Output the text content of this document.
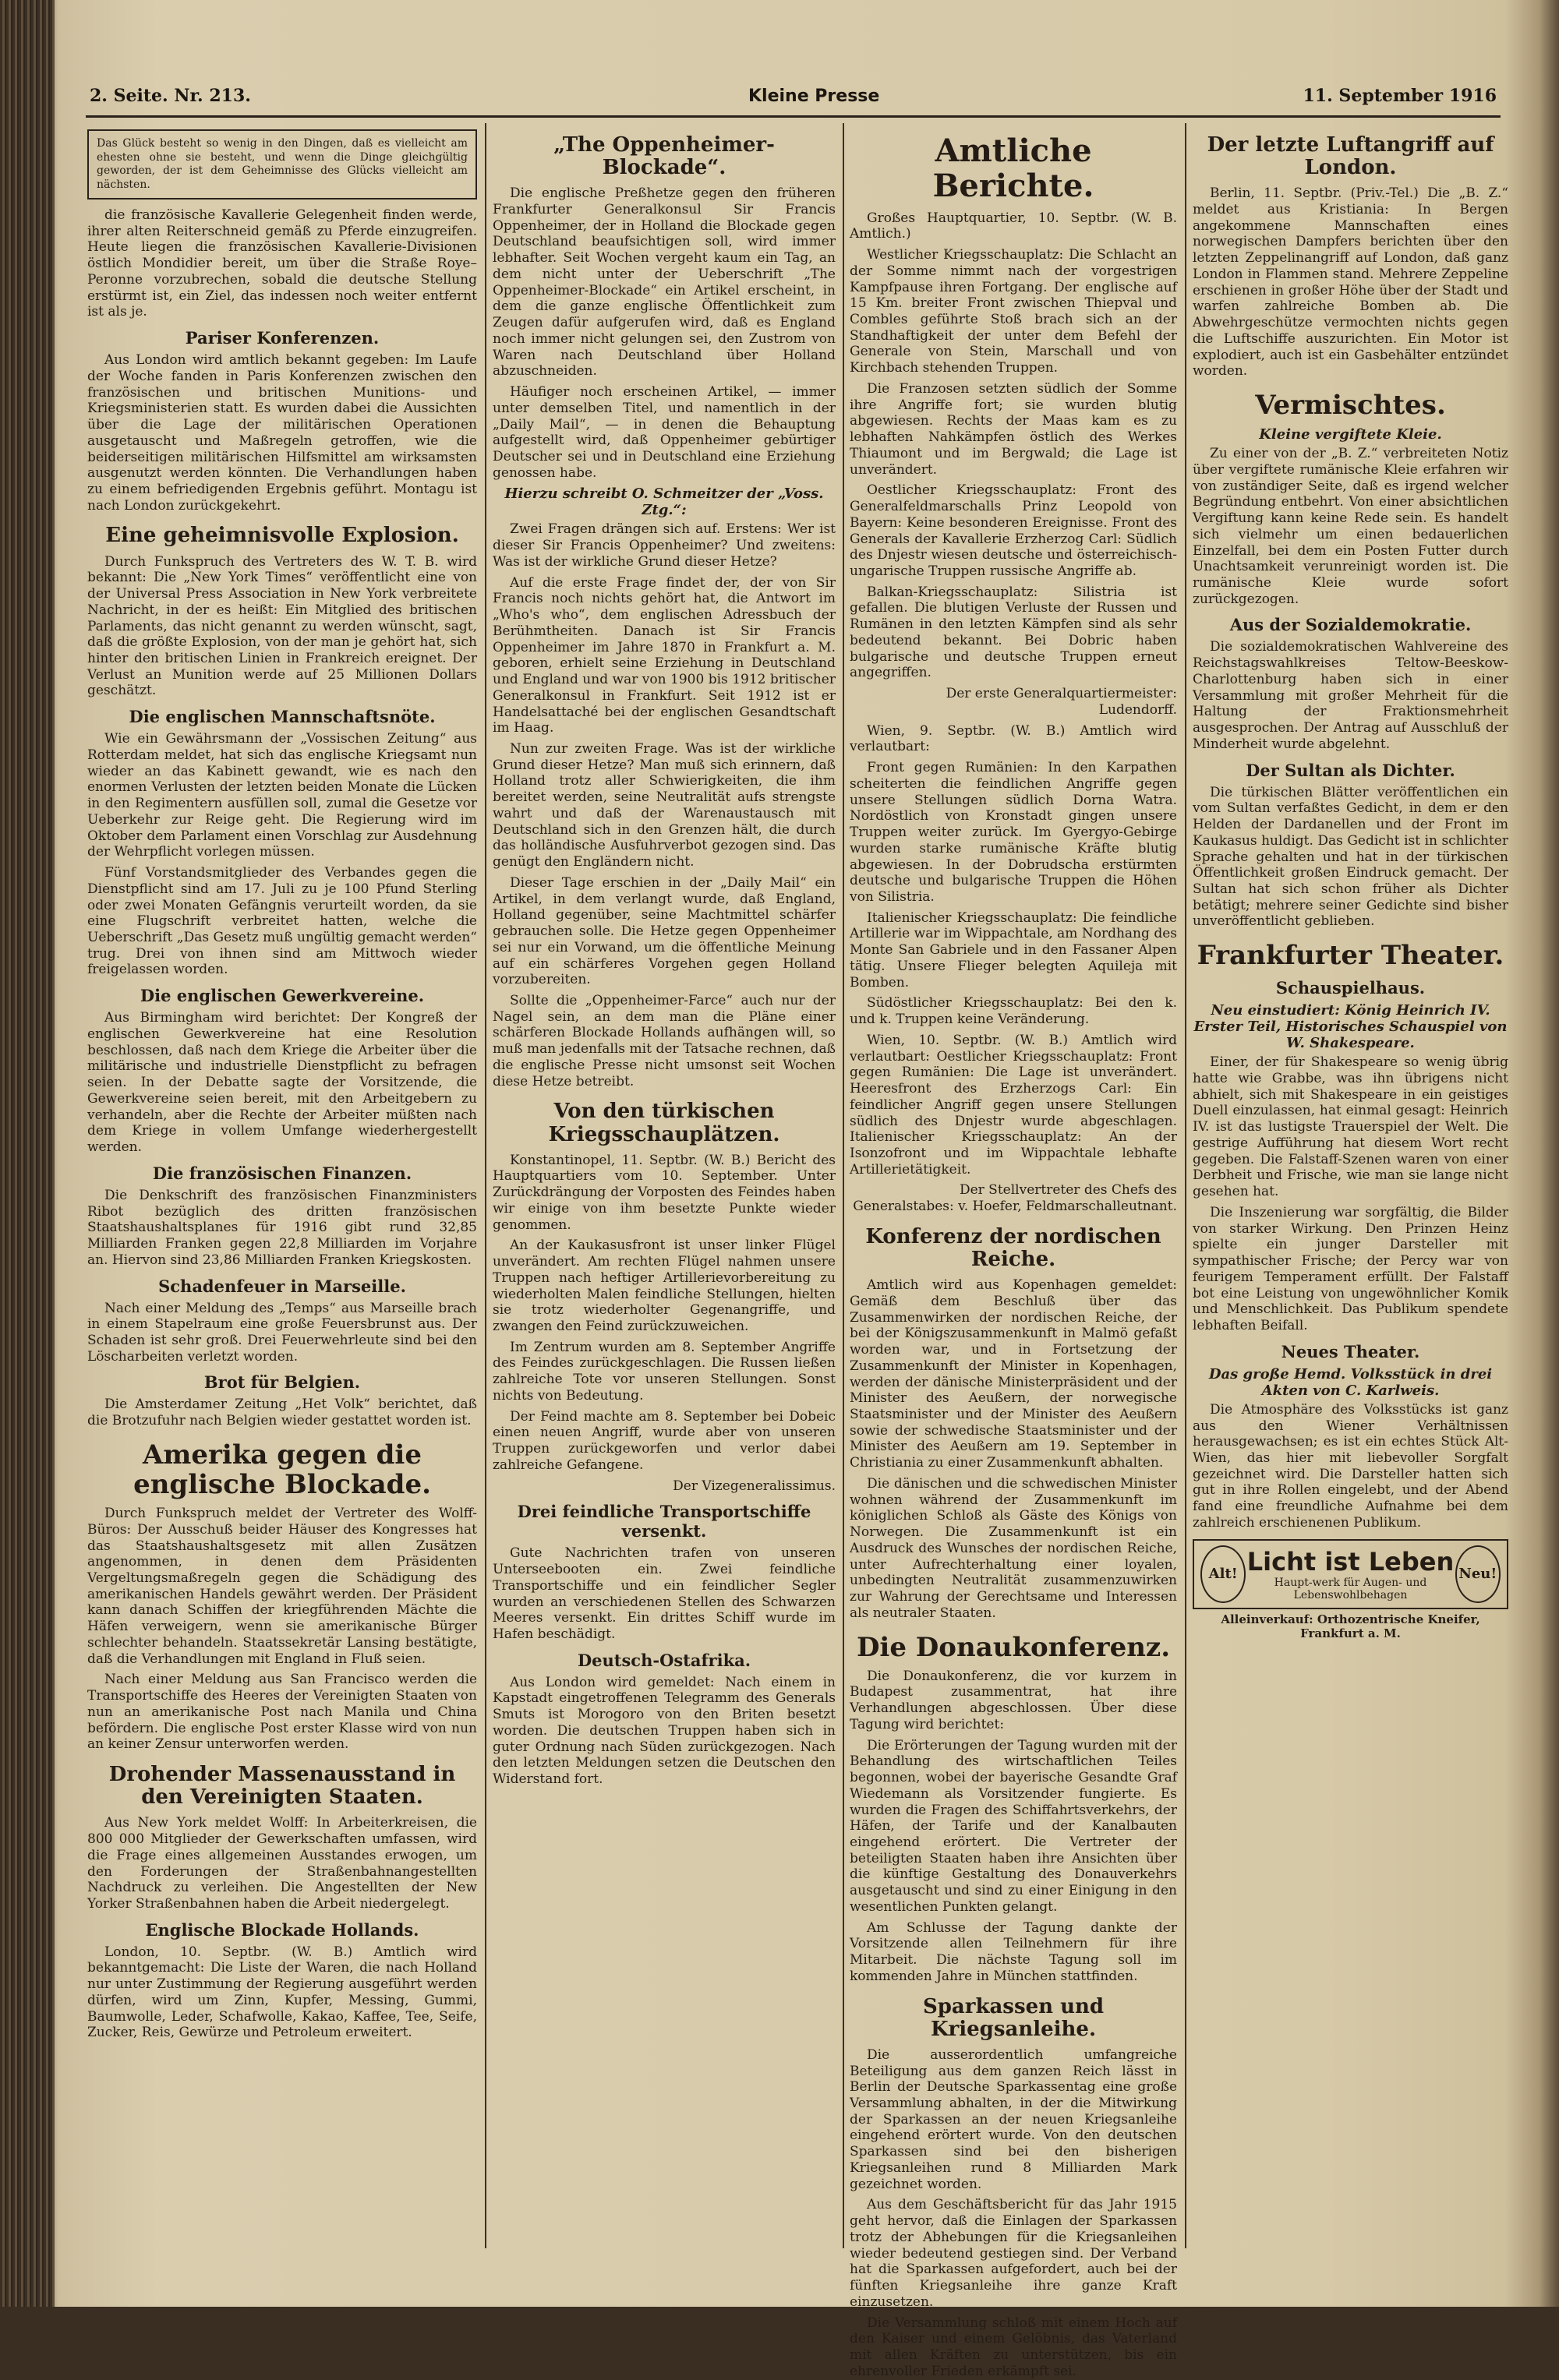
2. Seite. Nr. 213.	Kleine Presse	11. September 1916
Das Glück besteht so wenig in den Dingen, daß es vielleicht am ehesten ohne sie besteht, und wenn die Dinge gleichgültig geworden, der ist dem Geheimnisse des Glücks vielleicht am nächsten.

die französische Kavallerie Gelegenheit finden werde, ihrer alten Reiterschneid gemäß zu Pferde einzugreifen. Heute liegen die französischen Kavallerie-Divisionen östlich Mondidier bereit, um über die Straße Roye–Peronne vorzubrechen, sobald die deutsche Stellung erstürmt ist, ein Ziel, das indessen noch weiter entfernt ist als je.

Pariser Konferenzen.

Aus London wird amtlich bekannt gegeben: Im Laufe der Woche fanden in Paris Konferenzen zwischen den französischen und britischen Munitions- und Kriegsministerien statt. Es wurden dabei die Aussichten über die Lage der militärischen Operationen ausgetauscht und Maßregeln getroffen, wie die beiderseitigen militärischen Hilfsmittel am wirksamsten ausgenutzt werden könnten. Die Verhandlungen haben zu einem befriedigenden Ergebnis geführt. Montagu ist nach London zurückgekehrt.

Eine geheimnisvolle Explosion.

Durch Funkspruch des Vertreters des W. T. B. wird bekannt: Die „New York Times“ veröffentlicht eine von der Universal Press Association in New York verbreitete Nachricht, in der es heißt: Ein Mitglied des britischen Parlaments, das nicht genannt zu werden wünscht, sagt, daß die größte Explosion, von der man je gehört hat, sich hinter den britischen Linien in Frankreich ereignet. Der Verlust an Munition werde auf 25 Millionen Dollars geschätzt.

Die englischen Mannschaftsnöte.

Wie ein Gewährsmann der „Vossischen Zeitung“ aus Rotterdam meldet, hat sich das englische Kriegsamt nun wieder an das Kabinett gewandt, wie es nach den enormen Verlusten der letzten beiden Monate die Lücken in den Regimentern ausfüllen soll, zumal die Gesetze vor Ueberkehr zur Reige geht. Die Regierung wird im Oktober dem Parlament einen Vorschlag zur Ausdehnung der Wehrpflicht vorlegen müssen.

Fünf Vorstandsmitglieder des Verbandes gegen die Dienstpflicht sind am 17. Juli zu je 100 Pfund Sterling oder zwei Monaten Gefängnis verurteilt worden, da sie eine Flugschrift verbreitet hatten, welche die Ueberschrift „Das Gesetz muß ungültig gemacht werden“ trug. Drei von ihnen sind am Mittwoch wieder freigelassen worden.

Die englischen Gewerkvereine.

Aus Birmingham wird berichtet: Der Kongreß der englischen Gewerkvereine hat eine Resolution beschlossen, daß nach dem Kriege die Arbeiter über die militärische und industrielle Dienstpflicht zu befragen seien. In der Debatte sagte der Vorsitzende, die Gewerkvereine seien bereit, mit den Arbeitgebern zu verhandeln, aber die Rechte der Arbeiter müßten nach dem Kriege in vollem Umfange wiederhergestellt werden.

Die französischen Finanzen.

Die Denkschrift des französischen Finanzministers Ribot bezüglich des dritten französischen Staatshaushaltsplanes für 1916 gibt rund 32,85 Milliarden Franken gegen 22,8 Milliarden im Vorjahre an. Hiervon sind 23,86 Milliarden Franken Kriegskosten.

Schadenfeuer in Marseille.

Nach einer Meldung des „Temps“ aus Marseille brach in einem Stapelraum eine große Feuersbrunst aus. Der Schaden ist sehr groß. Drei Feuerwehrleute sind bei den Löscharbeiten verletzt worden.

Brot für Belgien.

Die Amsterdamer Zeitung „Het Volk“ berichtet, daß die Brotzufuhr nach Belgien wieder gestattet worden ist.

Amerika gegen die englische Blockade.

Durch Funkspruch meldet der Vertreter des Wolff-Büros: Der Ausschuß beider Häuser des Kongresses hat das Staatshaushaltsgesetz mit allen Zusätzen angenommen, in denen dem Präsidenten Vergeltungsmaßregeln gegen die Schädigung des amerikanischen Handels gewährt werden. Der Präsident kann danach Schiffen der kriegführenden Mächte die Häfen verweigern, wenn sie amerikanische Bürger schlechter behandeln. Staatssekretär Lansing bestätigte, daß die Verhandlungen mit England in Fluß seien.

Nach einer Meldung aus San Francisco werden die Transportschiffe des Heeres der Vereinigten Staaten von nun an amerikanische Post nach Manila und China befördern. Die englische Post erster Klasse wird von nun an keiner Zensur unterworfen werden.

Drohender Massenausstand in den Vereinigten Staaten.

Aus New York meldet Wolff: In Arbeiterkreisen, die 800 000 Mitglieder der Gewerkschaften umfassen, wird die Frage eines allgemeinen Ausstandes erwogen, um den Forderungen der Straßenbahnangestellten Nachdruck zu verleihen. Die Angestellten der New Yorker Straßenbahnen haben die Arbeit niedergelegt.

Englische Blockade Hollands.

London, 10. Septbr. (W. B.) Amtlich wird bekanntgemacht: Die Liste der Waren, die nach Holland nur unter Zustimmung der Regierung ausgeführt werden dürfen, wird um Zinn, Kupfer, Messing, Gummi, Baumwolle, Leder, Schafwolle, Kakao, Kaffee, Tee, Seife, Zucker, Reis, Gewürze und Petroleum erweitert.

„The Oppenheimer-Blockade“.

Die englische Preßhetze gegen den früheren Frankfurter Generalkonsul Sir Francis Oppenheimer, der in Holland die Blockade gegen Deutschland beaufsichtigen soll, wird immer lebhafter. Seit Wochen vergeht kaum ein Tag, an dem nicht unter der Ueberschrift „The Oppenheimer-Blockade“ ein Artikel erscheint, in dem die ganze englische Öffentlichkeit zum Zeugen dafür aufgerufen wird, daß es England noch immer nicht gelungen sei, den Zustrom von Waren nach Deutschland über Holland abzuschneiden.

Häufiger noch erscheinen Artikel, — immer unter demselben Titel, und namentlich in der „Daily Mail“, — in denen die Behauptung aufgestellt wird, daß Oppenheimer gebürtiger Deutscher sei und in Deutschland eine Erziehung genossen habe.

Hierzu schreibt O. Schmeitzer der „Voss. Ztg.“:

Zwei Fragen drängen sich auf. Erstens: Wer ist dieser Sir Francis Oppenheimer? Und zweitens: Was ist der wirkliche Grund dieser Hetze?

Auf die erste Frage findet der, der von Sir Francis noch nichts gehört hat, die Antwort im „Who's who“, dem englischen Adressbuch der Berühmtheiten. Danach ist Sir Francis Oppenheimer im Jahre 1870 in Frankfurt a. M. geboren, erhielt seine Erziehung in Deutschland und England und war von 1900 bis 1912 britischer Generalkonsul in Frankfurt. Seit 1912 ist er Handelsattaché bei der englischen Gesandtschaft im Haag.

Nun zur zweiten Frage. Was ist der wirkliche Grund dieser Hetze? Man muß sich erinnern, daß Holland trotz aller Schwierigkeiten, die ihm bereitet werden, seine Neutralität aufs strengste wahrt und daß der Warenaustausch mit Deutschland sich in den Grenzen hält, die durch das holländische Ausfuhrverbot gezogen sind. Das genügt den Engländern nicht.

Dieser Tage erschien in der „Daily Mail“ ein Artikel, in dem verlangt wurde, daß England, Holland gegenüber, seine Machtmittel schärfer gebrauchen solle. Die Hetze gegen Oppenheimer sei nur ein Vorwand, um die öffentliche Meinung auf ein schärferes Vorgehen gegen Holland vorzubereiten.

Sollte die „Oppenheimer-Farce“ auch nur der Nagel sein, an dem man die Pläne einer schärferen Blockade Hollands aufhängen will, so muß man jedenfalls mit der Tatsache rechnen, daß die englische Presse nicht umsonst seit Wochen diese Hetze betreibt.

Von den türkischen Kriegsschauplätzen.

Konstantinopel, 11. Septbr. (W. B.) Bericht des Hauptquartiers vom 10. September. Unter Zurückdrängung der Vorposten des Feindes haben wir einige von ihm besetzte Punkte wieder genommen.

An der Kaukasusfront ist unser linker Flügel unverändert. Am rechten Flügel nahmen unsere Truppen nach heftiger Artillerievorbereitung zu wiederholten Malen feindliche Stellungen, hielten sie trotz wiederholter Gegenangriffe, und zwangen den Feind zurückzuweichen.

Im Zentrum wurden am 8. September Angriffe des Feindes zurückgeschlagen. Die Russen ließen zahlreiche Tote vor unseren Stellungen. Sonst nichts von Bedeutung.

Der Feind machte am 8. September bei Dobeic einen neuen Angriff, wurde aber von unseren Truppen zurückgeworfen und verlor dabei zahlreiche Gefangene.

Der Vizegeneralissimus.

Drei feindliche Transportschiffe versenkt.

Gute Nachrichten trafen von unseren Unterseebooten ein. Zwei feindliche Transportschiffe und ein feindlicher Segler wurden an verschiedenen Stellen des Schwarzen Meeres versenkt. Ein drittes Schiff wurde im Hafen beschädigt.

Deutsch-Ostafrika.

Aus London wird gemeldet: Nach einem in Kapstadt eingetroffenen Telegramm des Generals Smuts ist Morogoro von den Briten besetzt worden. Die deutschen Truppen haben sich in guter Ordnung nach Süden zurückgezogen. Nach den letzten Meldungen setzen die Deutschen den Widerstand fort.

Amtliche Berichte.

Großes Hauptquartier, 10. Septbr. (W. B. Amtlich.)

Westlicher Kriegsschauplatz: Die Schlacht an der Somme nimmt nach der vorgestrigen Kampfpause ihren Fortgang. Der englische auf 15 Km. breiter Front zwischen Thiepval und Combles geführte Stoß brach sich an der Standhaftigkeit der unter dem Befehl der Generale von Stein, Marschall und von Kirchbach stehenden Truppen.

Die Franzosen setzten südlich der Somme ihre Angriffe fort; sie wurden blutig abgewiesen. Rechts der Maas kam es zu lebhaften Nahkämpfen östlich des Werkes Thiaumont und im Bergwald; die Lage ist unverändert.

Oestlicher Kriegsschauplatz: Front des Generalfeldmarschalls Prinz Leopold von Bayern: Keine besonderen Ereignisse. Front des Generals der Kavallerie Erzherzog Carl: Südlich des Dnjestr wiesen deutsche und österreichisch-ungarische Truppen russische Angriffe ab.

Balkan-Kriegsschauplatz: Silistria ist gefallen. Die blutigen Verluste der Russen und Rumänen in den letzten Kämpfen sind als sehr bedeutend bekannt. Bei Dobric haben bulgarische und deutsche Truppen erneut angegriffen.

Der erste Generalquartiermeister: Ludendorff.

Wien, 9. Septbr. (W. B.) Amtlich wird verlautbart:

Front gegen Rumänien: In den Karpathen scheiterten die feindlichen Angriffe gegen unsere Stellungen südlich Dorna Watra. Nordöstlich von Kronstadt gingen unsere Truppen weiter zurück. Im Gyergyo-Gebirge wurden starke rumänische Kräfte blutig abgewiesen. In der Dobrudscha erstürmten deutsche und bulgarische Truppen die Höhen von Silistria.

Italienischer Kriegsschauplatz: Die feindliche Artillerie war im Wippachtale, am Nordhang des Monte San Gabriele und in den Fassaner Alpen tätig. Unsere Flieger belegten Aquileja mit Bomben.

Südöstlicher Kriegsschauplatz: Bei den k. und k. Truppen keine Veränderung.

Wien, 10. Septbr. (W. B.) Amtlich wird verlautbart: Oestlicher Kriegsschauplatz: Front gegen Rumänien: Die Lage ist unverändert. Heeresfront des Erzherzogs Carl: Ein feindlicher Angriff gegen unsere Stellungen südlich des Dnjestr wurde abgeschlagen. Italienischer Kriegsschauplatz: An der Isonzofront und im Wippachtale lebhafte Artillerietätigkeit.

Der Stellvertreter des Chefs des Generalstabes: v. Hoefer, Feldmarschalleutnant.

Konferenz der nordischen Reiche.

Amtlich wird aus Kopenhagen gemeldet: Gemäß dem Beschluß über das Zusammenwirken der nordischen Reiche, der bei der Königszusammenkunft in Malmö gefaßt worden war, und in Fortsetzung der Zusammenkunft der Minister in Kopenhagen, werden der dänische Ministerpräsident und der Minister des Aeußern, der norwegische Staatsminister und der Minister des Aeußern sowie der schwedische Staatsminister und der Minister des Aeußern am 19. September in Christiania zu einer Zusammenkunft abhalten.

Die dänischen und die schwedischen Minister wohnen während der Zusammenkunft im königlichen Schloß als Gäste des Königs von Norwegen. Die Zusammenkunft ist ein Ausdruck des Wunsches der nordischen Reiche, unter Aufrechterhaltung einer loyalen, unbedingten Neutralität zusammenzuwirken zur Wahrung der Gerechtsame und Interessen als neutraler Staaten.

Die Donaukonferenz.

Die Donaukonferenz, die vor kurzem in Budapest zusammentrat, hat ihre Verhandlungen abgeschlossen. Über diese Tagung wird berichtet:

Die Erörterungen der Tagung wurden mit der Behandlung des wirtschaftlichen Teiles begonnen, wobei der bayerische Gesandte Graf Wiedemann als Vorsitzender fungierte. Es wurden die Fragen des Schiffahrtsverkehrs, der Häfen, der Tarife und der Kanalbauten eingehend erörtert. Die Vertreter der beteiligten Staaten haben ihre Ansichten über die künftige Gestaltung des Donauverkehrs ausgetauscht und sind zu einer Einigung in den wesentlichen Punkten gelangt.

Am Schlusse der Tagung dankte der Vorsitzende allen Teilnehmern für ihre Mitarbeit. Die nächste Tagung soll im kommenden Jahre in München stattfinden.

Sparkassen und Kriegsanleihe.

Die ausserordentlich umfangreiche Beteiligung aus dem ganzen Reich lässt in Berlin der Deutsche Sparkassentag eine große Versammlung abhalten, in der die Mitwirkung der Sparkassen an der neuen Kriegsanleihe eingehend erörtert wurde. Von den deutschen Sparkassen sind bei den bisherigen Kriegsanleihen rund 8 Milliarden Mark gezeichnet worden.

Aus dem Geschäftsbericht für das Jahr 1915 geht hervor, daß die Einlagen der Sparkassen trotz der Abhebungen für die Kriegsanleihen wieder bedeutend gestiegen sind. Der Verband hat die Sparkassen aufgefordert, auch bei der fünften Kriegsanleihe ihre ganze Kraft einzusetzen.

Die Versammlung schloß mit einem Hoch auf den Kaiser und einem Gelöbnis, das Vaterland mit allen Kräften zu unterstützen, bis ein ehrenvoller Frieden erkämpft sei.

Der letzte Luftangriff auf London.

Berlin, 11. Septbr. (Priv.-Tel.) Die „B. Z.“ meldet aus Kristiania: In Bergen angekommene Mannschaften eines norwegischen Dampfers berichten über den letzten Zeppelinangriff auf London, daß ganz London in Flammen stand. Mehrere Zeppeline erschienen in großer Höhe über der Stadt und warfen zahlreiche Bomben ab. Die Abwehrgeschütze vermochten nichts gegen die Luftschiffe auszurichten. Ein Motor ist explodiert, auch ist ein Gasbehälter entzündet worden.

Vermischtes.
Kleine vergiftete Kleie.

Zu einer von der „B. Z.“ verbreiteten Notiz über vergiftete rumänische Kleie erfahren wir von zuständiger Seite, daß es irgend welcher Begründung entbehrt. Von einer absichtlichen Vergiftung kann keine Rede sein. Es handelt sich vielmehr um einen bedauerlichen Einzelfall, bei dem ein Posten Futter durch Unachtsamkeit verunreinigt worden ist. Die rumänische Kleie wurde sofort zurückgezogen.

Aus der Sozialdemokratie.

Die sozialdemokratischen Wahlvereine des Reichstagswahlkreises Teltow-Beeskow-Charlottenburg haben sich in einer Versammlung mit großer Mehrheit für die Haltung der Fraktionsmehrheit ausgesprochen. Der Antrag auf Ausschluß der Minderheit wurde abgelehnt.

Der Sultan als Dichter.

Die türkischen Blätter veröffentlichen ein vom Sultan verfaßtes Gedicht, in dem er den Helden der Dardanellen und der Front im Kaukasus huldigt. Das Gedicht ist in schlichter Sprache gehalten und hat in der türkischen Öffentlichkeit großen Eindruck gemacht. Der Sultan hat sich schon früher als Dichter betätigt; mehrere seiner Gedichte sind bisher unveröffentlicht geblieben.

Frankfurter Theater.
Schauspielhaus.
Neu einstudiert: König Heinrich IV. Erster Teil, Historisches Schauspiel von W. Shakespeare.

Einer, der für Shakespeare so wenig übrig hatte wie Grabbe, was ihn übrigens nicht abhielt, sich mit Shakespeare in ein geistiges Duell einzulassen, hat einmal gesagt: Heinrich IV. ist das lustigste Trauerspiel der Welt. Die gestrige Aufführung hat diesem Wort recht gegeben. Die Falstaff-Szenen waren von einer Derbheit und Frische, wie man sie lange nicht gesehen hat.

Die Inszenierung war sorgfältig, die Bilder von starker Wirkung. Den Prinzen Heinz spielte ein junger Darsteller mit sympathischer Frische; der Percy war von feurigem Temperament erfüllt. Der Falstaff bot eine Leistung von ungewöhnlicher Komik und Menschlichkeit. Das Publikum spendete lebhaften Beifall.

Neues Theater.
Das große Hemd. Volksstück in drei Akten von C. Karlweis.

Die Atmosphäre des Volksstücks ist ganz aus den Wiener Verhältnissen herausgewachsen; es ist ein echtes Stück Alt-Wien, das hier mit liebevoller Sorgfalt gezeichnet wird. Die Darsteller hatten sich gut in ihre Rollen eingelebt, und der Abend fand eine freundliche Aufnahme bei dem zahlreich erschienenen Publikum.

Alt! Licht ist Leben
Haupt-werk für Augen- und Lebenswohlbehagen
Neu!
Alleinverkauf: Orthozentrische Kneifer, Frankfurt a. M.
